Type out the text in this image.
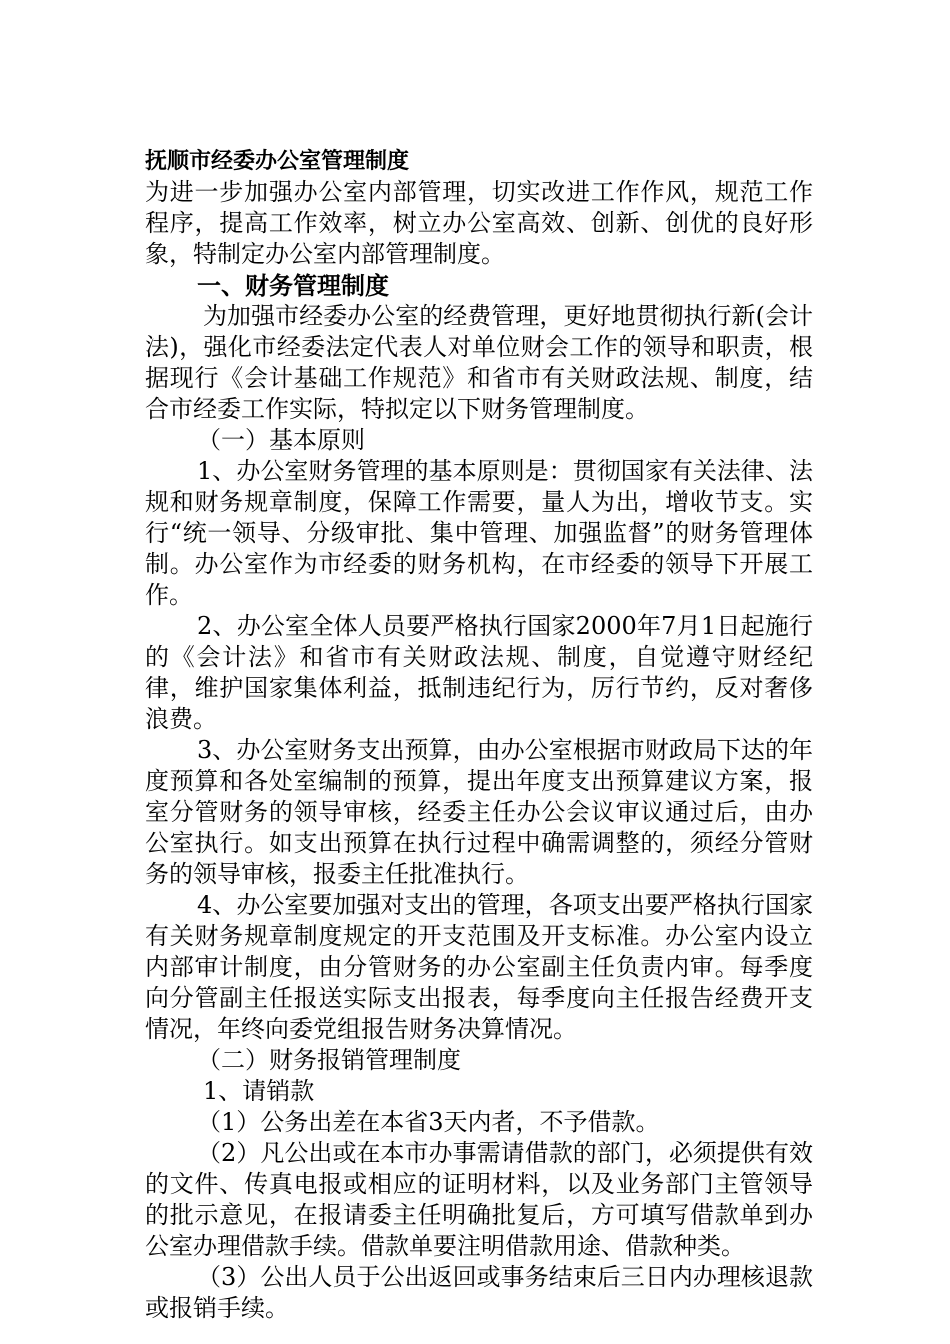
抚顺市经委办公室管理制度

为进一步加强办公室内部管理，切实改进工作作风，规范工作程序，提高工作效率，树立办公室高效、创新、创优的良好形象，特制定办公室内部管理制度。

一、财务管理制度

为加强市经委办公室的经费管理，更好地贯彻执行新(会计法)，强化市经委法定代表人对单位财会工作的领导和职责，根据现行《会计基础工作规范》和省市有关财政法规、制度，结合市经委工作实际，特拟定以下财务管理制度。

（一）基本原则

1、办公室财务管理的基本原则是：贯彻国家有关法律、法规和财务规章制度，保障工作需要，量人为出，增收节支。实行“统一领导、分级审批、集中管理、加强监督”的财务管理体制。办公室作为市经委的财务机构，在市经委的领导下开展工作。

2、办公室全体人员要严格执行国家2000年7月1日起施行的《会计法》和省市有关财政法规、制度，自觉遵守财经纪律，维护国家集体利益，抵制违纪行为，厉行节约，反对奢侈浪费。

3、办公室财务支出预算，由办公室根据市财政局下达的年度预算和各处室编制的预算，提出年度支出预算建议方案，报室分管财务的领导审核，经委主任办公会议审议通过后，由办公室执行。如支出预算在执行过程中确需调整的，须经分管财务的领导审核，报委主任批准执行。

4、办公室要加强对支出的管理，各项支出要严格执行国家有关财务规章制度规定的开支范围及开支标准。办公室内设立内部审计制度，由分管财务的办公室副主任负责内审。每季度向分管副主任报送实际支出报表，每季度向主任报告经费开支情况，年终向委党组报告财务决算情况。

（二）财务报销管理制度

1、请销款

（1）公务出差在本省3天内者，不予借款。

（2）凡公出或在本市办事需请借款的部门，必须提供有效的文件、传真电报或相应的证明材料，以及业务部门主管领导的批示意见，在报请委主任明确批复后，方可填写借款单到办公室办理借款手续。借款单要注明借款用途、借款种类。

（3）公出人员于公出返回或事务结束后三日内办理核退款或报销手续。
